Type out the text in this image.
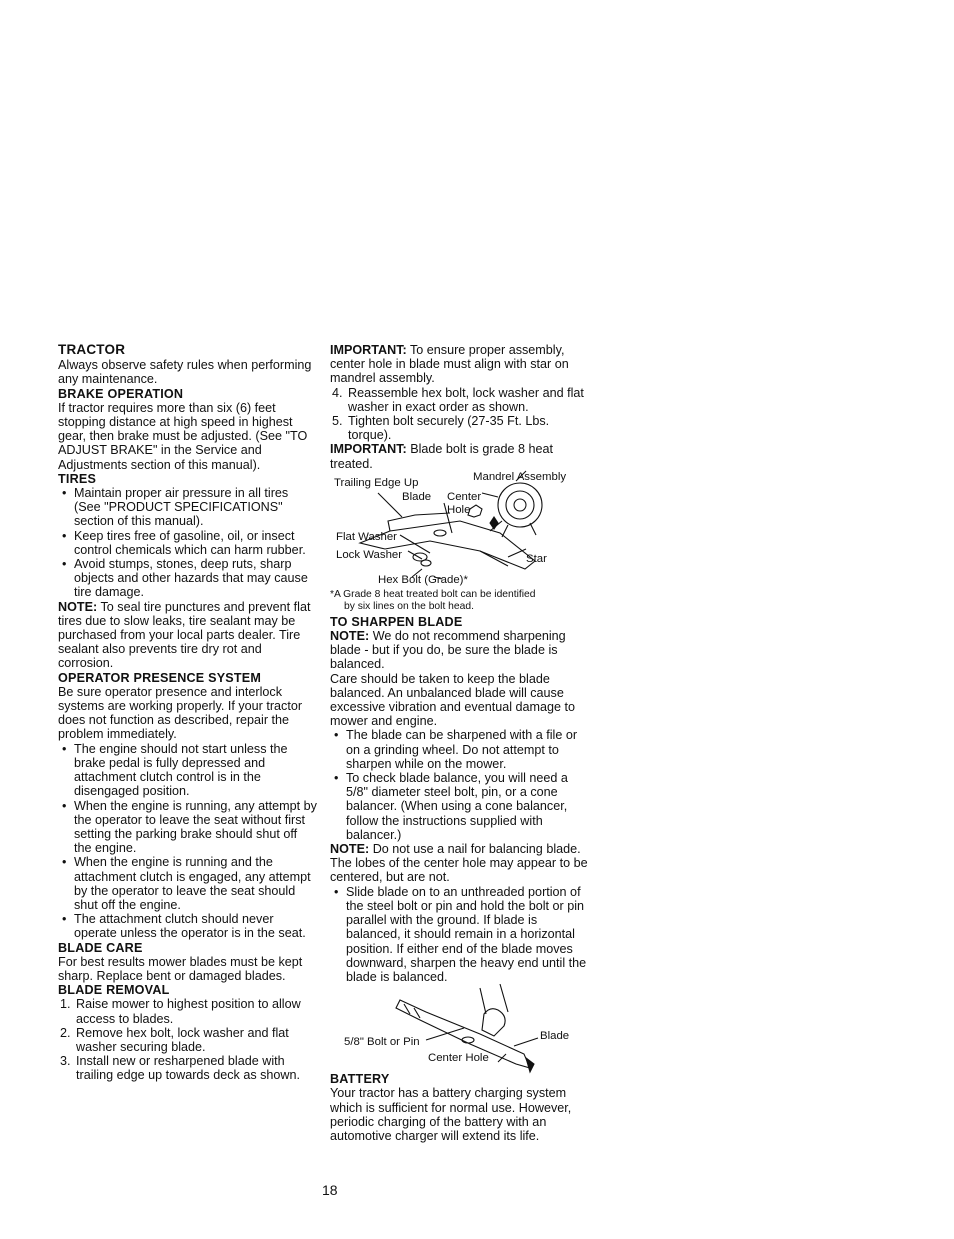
TRACTOR

Always observe safety rules when performing any maintenance.

BRAKE OPERATION

If tractor requires more than six (6) feet stopping distance at high speed in highest gear, then brake must be adjusted. (See "TO ADJUST BRAKE" in the Service and Adjustments section of this manual).

TIRES

• Maintain proper air pressure in all tires (See "PRODUCT SPECIFICATIONS" section of this manual).
• Keep tires free of gasoline, oil, or insect control chemicals which can harm rubber.
• Avoid stumps, stones, deep ruts, sharp objects and other hazards that may cause tire damage.

NOTE: To seal tire punctures and prevent flat tires due to slow leaks, tire sealant may be purchased from your local parts dealer. Tire sealant also prevents tire dry rot and corrosion.

OPERATOR PRESENCE SYSTEM

Be sure operator presence and interlock systems are working properly. If your tractor does not function as described, repair the problem immediately.

• The engine should not start unless the brake pedal is fully depressed and attachment clutch control is in the disengaged position.
• When the engine is running, any attempt by the operator to leave the seat without first setting the parking brake should shut off the engine.
• When the engine is running and the attachment clutch is engaged, any attempt by the operator to leave the seat should shut off the engine.
• The attachment clutch should never operate unless the operator is in the seat.

BLADE CARE

For best results mower blades must be kept sharp. Replace bent or damaged blades.

BLADE REMOVAL

1. Raise mower to highest position to allow access to blades.
2. Remove hex bolt, lock washer and flat washer securing blade.
3. Install new or resharpened blade with trailing edge up towards deck as shown.

IMPORTANT: To ensure proper assembly, center hole in blade must align with star on mandrel assembly.

4. Reassemble hex bolt, lock washer and flat washer in exact order as shown.
5. Tighten bolt securely (27-35 Ft. Lbs. torque).

IMPORTANT: Blade bolt is grade 8 heat treated.

Mandrel Assembly
Trailing Edge Up
Blade Center
Hole
Flat Washer
Lock Washer	Star
Hex Bolt (Grade)*
*A Grade 8 heat treated bolt can be identified
by six lines on the bolt head.

TO SHARPEN BLADE

NOTE: We do not recommend sharpening blade - but if you do, be sure the blade is balanced.

Care should be taken to keep the blade balanced. An unbalanced blade will cause excessive vibration and eventual damage to mower and engine.

• The blade can be sharpened with a file or on a grinding wheel. Do not attempt to sharpen while on the mower.
• To check blade balance, you will need a 5/8" diameter steel bolt, pin, or a cone balancer. (When using a cone balancer, follow the instructions supplied with balancer.)

NOTE: Do not use a nail for balancing blade. The lobes of the center hole may appear to be centered, but are not.

• Slide blade on to an unthreaded portion of the steel bolt or pin and hold the bolt or pin parallel with the ground. If blade is balanced, it should remain in a horizontal position. If either end of the blade moves downward, sharpen the heavy end until the blade is balanced.
5/8" Bolt or Pin	Blade
Center Hole

BATTERY

Your tractor has a battery charging system which is sufficient for normal use. However, periodic charging of the battery with an automotive charger will extend its life.

18
